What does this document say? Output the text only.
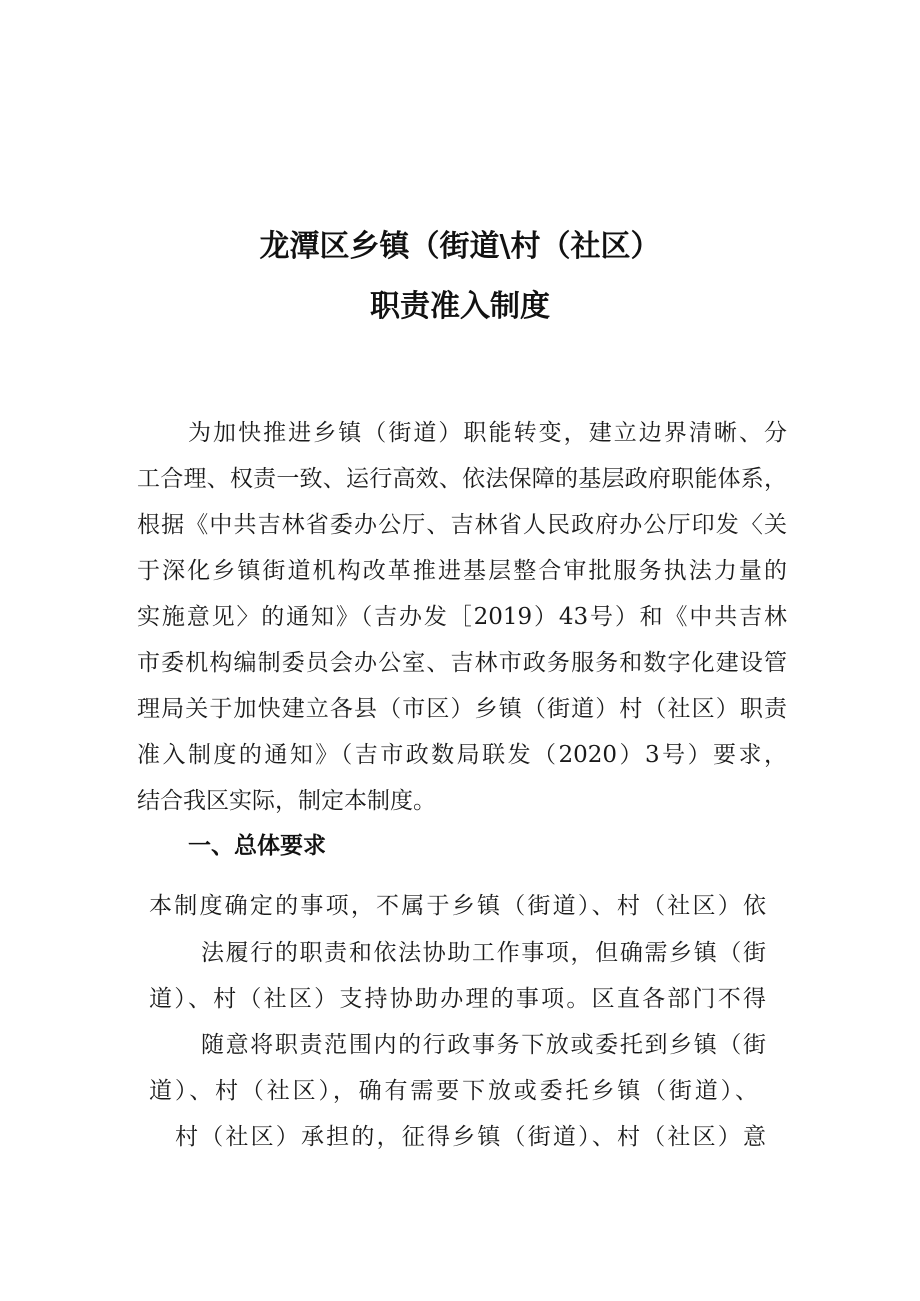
龙潭区乡镇（街道\村（社区）
职责准入制度
为加快推进乡镇（街道）职能转变，建立边界清晰、分
工合理、权责一致、运行高效、依法保障的基层政府职能体系，
根据《中共吉林省委办公厅、吉林省人民政府办公厅印发〈关
于深化乡镇街道机构改革推进基层整合审批服务执法力量的
实施意见〉的通知》（吉办发［2019）43号）和《中共吉林
市委机构编制委员会办公室、吉林市政务服务和数字化建设管
理局关于加快建立各县（市区）乡镇（街道）村（社区）职责
准入制度的通知》（吉市政数局联发（2020）3号）要求，
结合我区实际，制定本制度。
一、总体要求
本制度确定的事项，不属于乡镇（街道）、村（社区）依
法履行的职责和依法协助工作事项，但确需乡镇（街
道）、村（社区）支持协助办理的事项。区直各部门不得
随意将职责范围内的行政事务下放或委托到乡镇（街
道）、村（社区），确有需要下放或委托乡镇（街道）、
村（社区）承担的，征得乡镇（街道）、村（社区）意
